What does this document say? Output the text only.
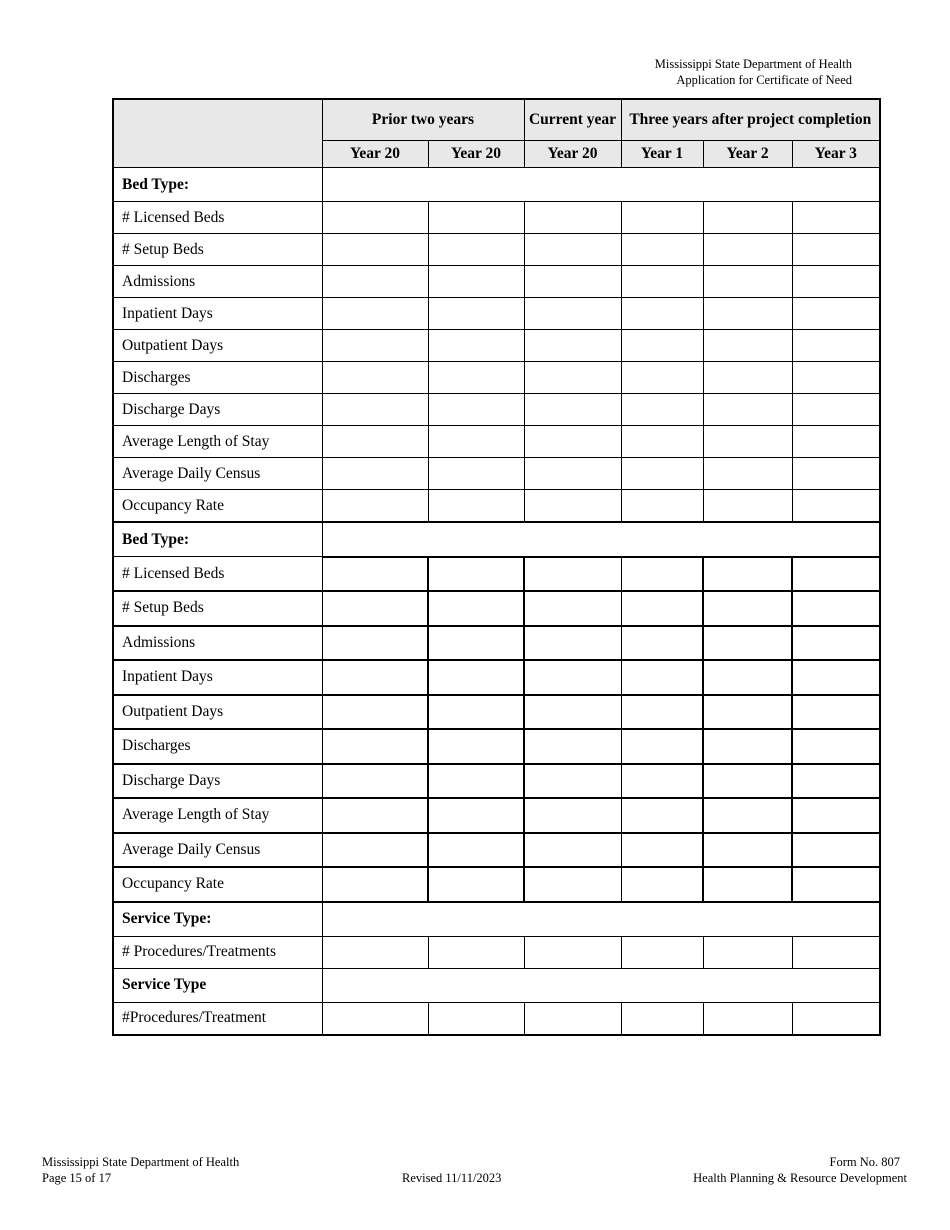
Mississippi State Department of Health
Application for Certificate of Need
	Prior two years		Current year	Three years after project completion		
	Year 20	Year 20	Year 20	Year 1	Year 2	Year 3
Bed Type:						
# Licensed Beds						
# Setup Beds						
Admissions						
Inpatient Days						
Outpatient Days						
Discharges						
Discharge Days						
Average Length of Stay						
Average Daily Census						
Occupancy Rate						
Bed Type:						
# Licensed Beds						
# Setup Beds						
Admissions						
Inpatient Days						
Outpatient Days						
Discharges						
Discharge Days						
Average Length of Stay						
Average Daily Census						
Occupancy Rate						
Service Type:						
# Procedures/Treatments						
Service Type						
#Procedures/Treatment						
Mississippi State Department of Health
Page 15 of 17	Revised 11/11/2023
Form No. 807
Health Planning & Resource Development
